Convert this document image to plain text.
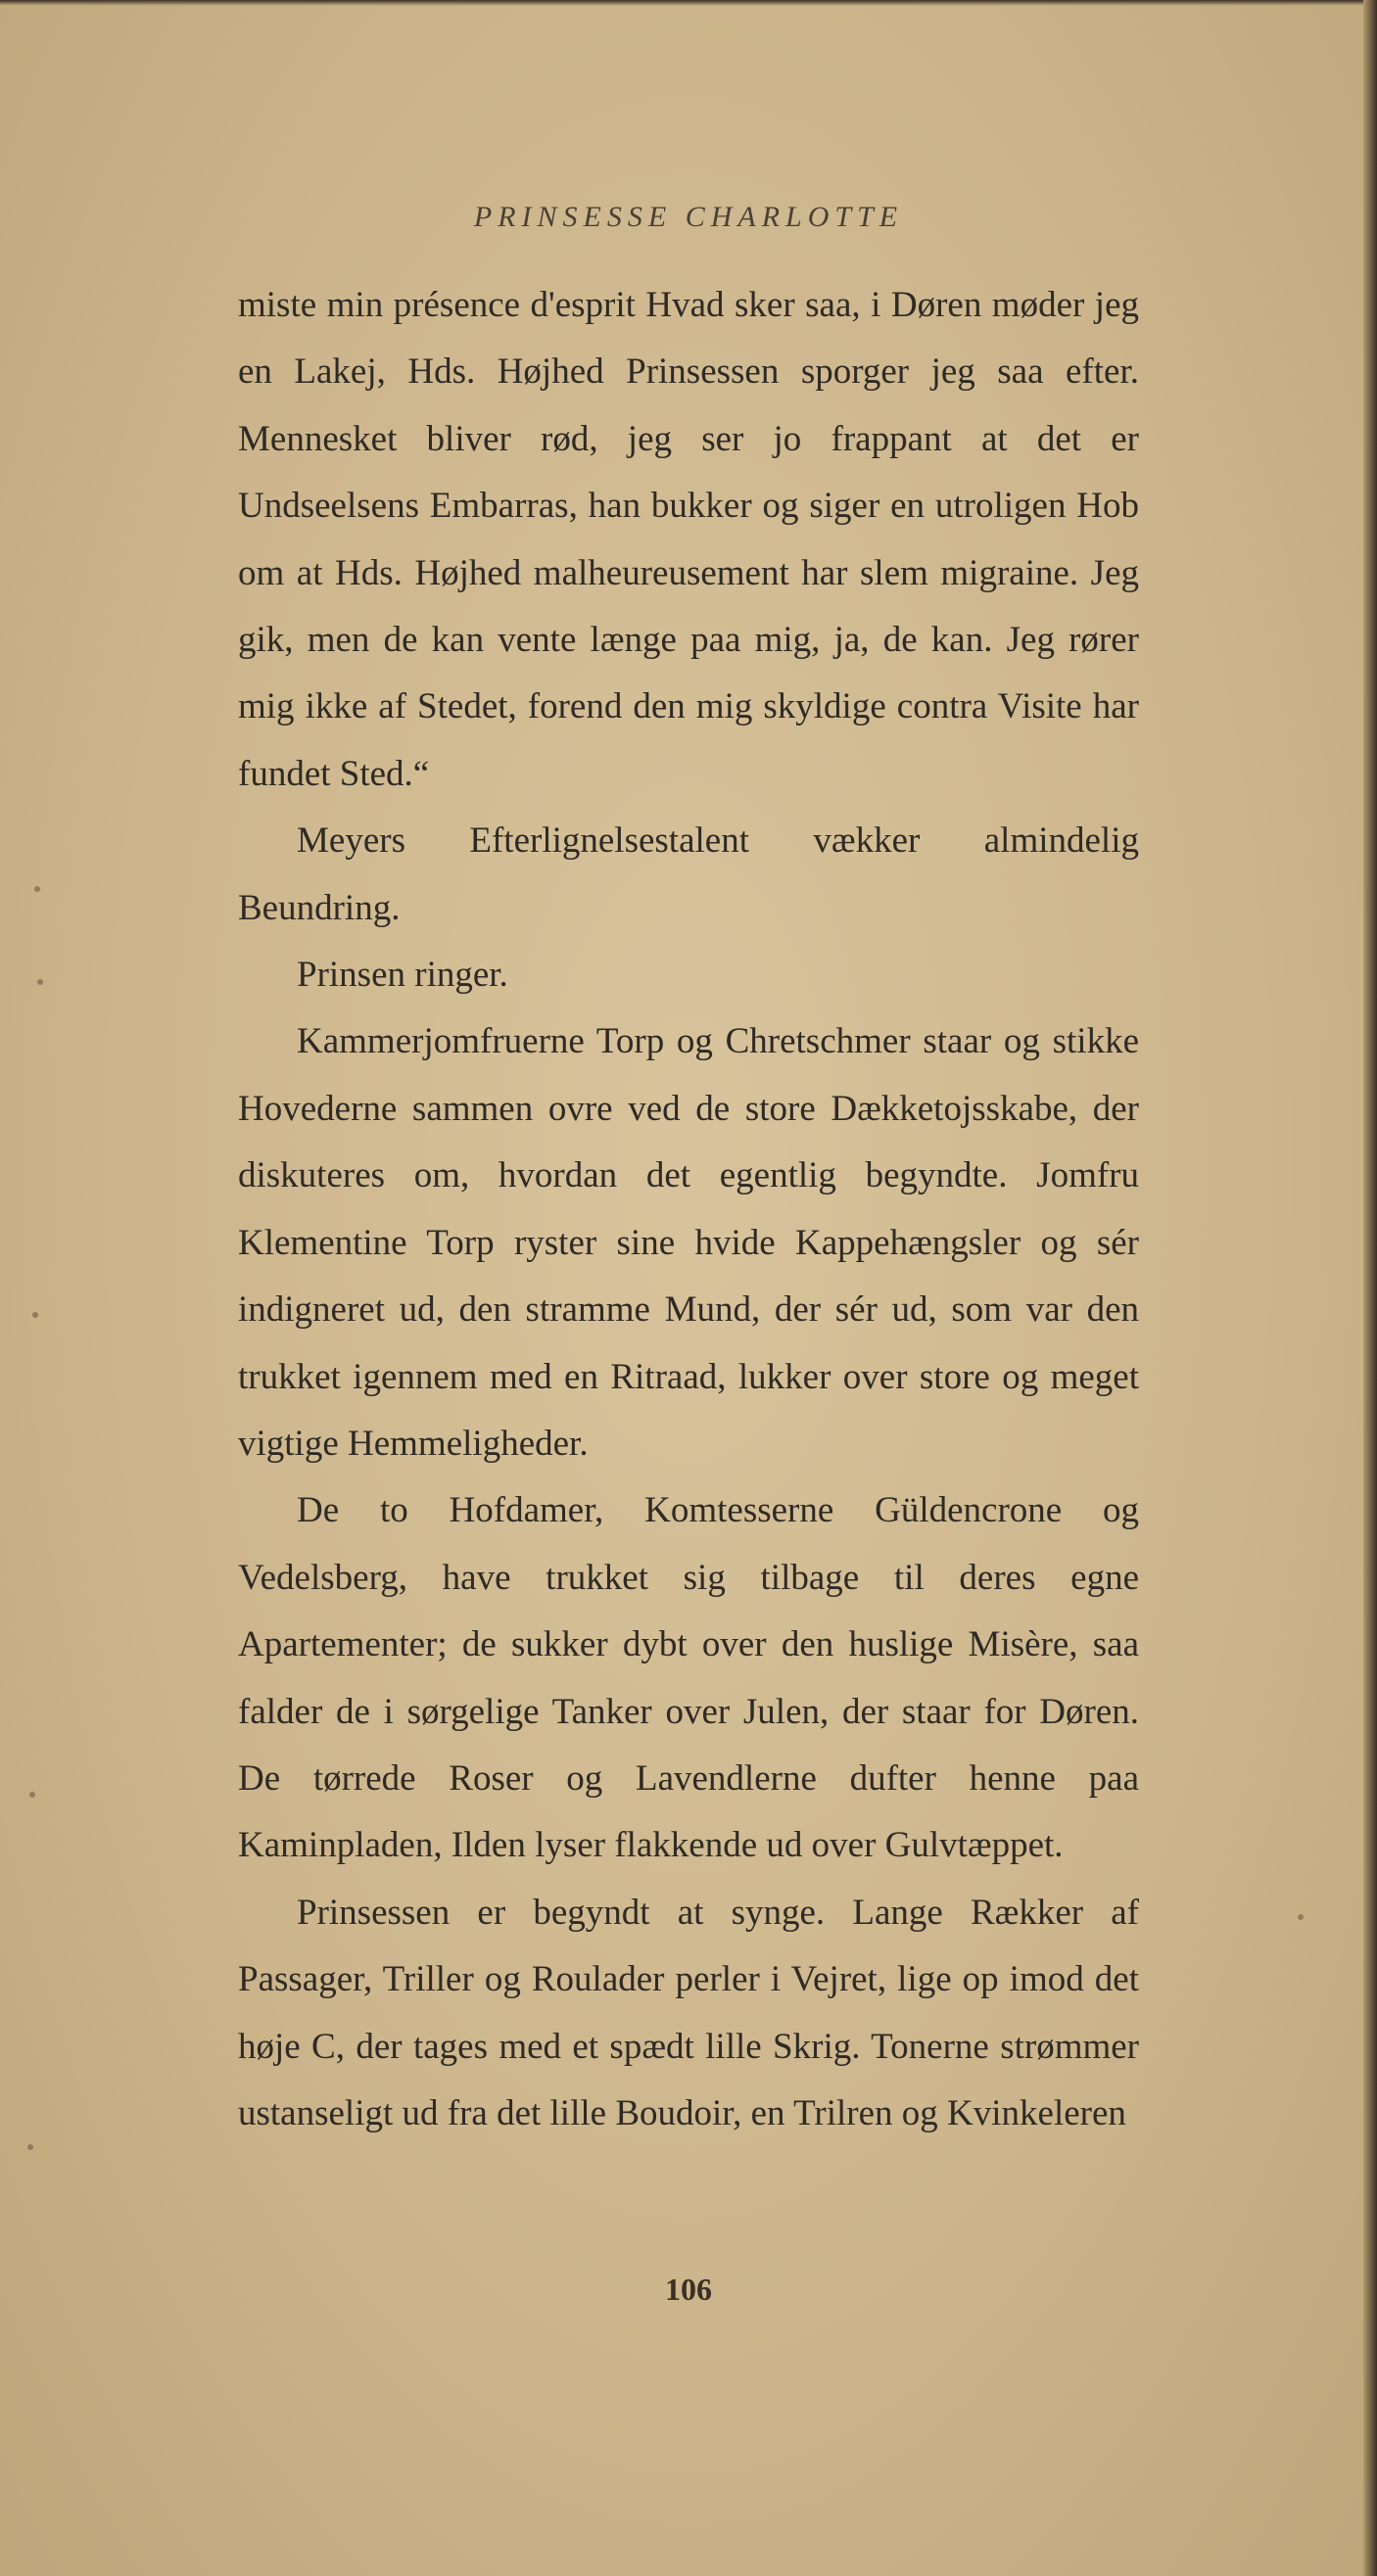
PRINSESSE CHARLOTTE

miste min présence d'esprit Hvad sker saa, i Døren møder jeg en Lakej, Hds. Højhed Prinsessen sporger jeg saa efter. Mennesket bliver rød, jeg ser jo frappant at det er Undseelsens Embarras, han bukker og siger en utroligen Hob om at Hds. Højhed malheureusement har slem migraine. Jeg gik, men de kan vente længe paa mig, ja, de kan. Jeg rører mig ikke af Stedet, forend den mig skyldige contra Visite har fundet Sted.“

Meyers Efterlignelsestalent vækker almindelig Beundring.

Prinsen ringer.

Kammerjomfruerne Torp og Chretschmer staar og stikke Hovederne sammen ovre ved de store Dækketojsskabe, der diskuteres om, hvordan det egentlig begyndte. Jomfru Klementine Torp ryster sine hvide Kappehængsler og sér indigneret ud, den stramme Mund, der sér ud, som var den trukket igennem med en Ritraad, lukker over store og meget vigtige Hemmeligheder.

De to Hofdamer, Komtesserne Güldencrone og Vedelsberg, have trukket sig tilbage til deres egne Apartementer; de sukker dybt over den huslige Misère, saa falder de i sørgelige Tanker over Julen, der staar for Døren. De tørrede Roser og Lavendlerne dufter henne paa Kaminpladen, Ilden lyser flakkende ud over Gulvtæppet.

Prinsessen er begyndt at synge. Lange Rækker af Passager, Triller og Roulader perler i Vejret, lige op imod det høje C, der tages med et spædt lille Skrig. Tonerne strømmer ustanseligt ud fra det lille Boudoir, en Trilren og Kvinkeleren

106
